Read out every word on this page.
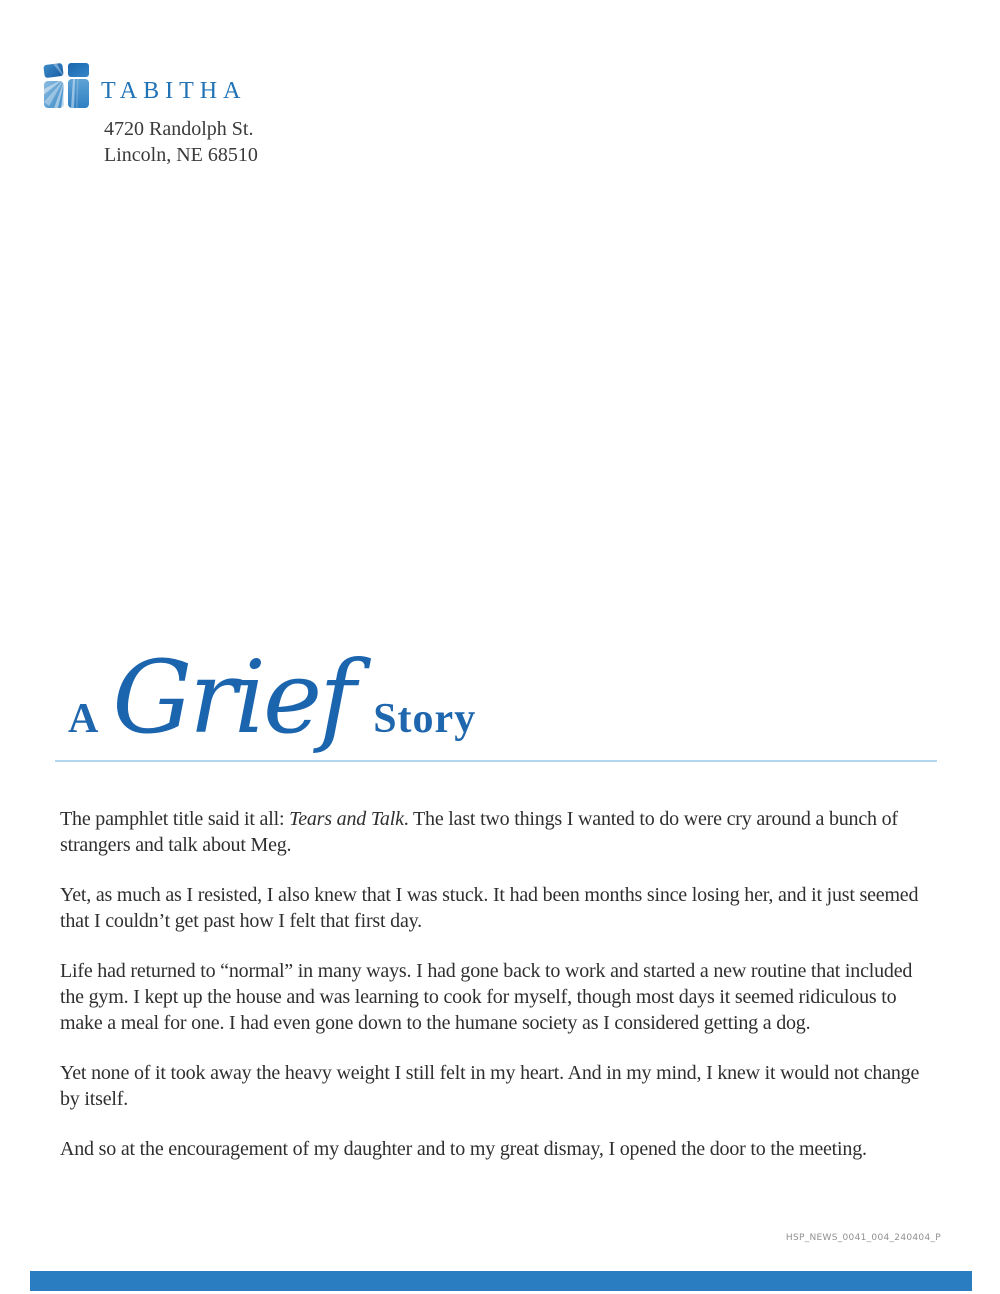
TABITHA
4720 Randolph St.
Lincoln, NE 68510
A Grief Story

The pamphlet title said it all: Tears and Talk. The last two things I wanted to do were cry around a bunch of strangers and talk about Meg.

Yet, as much as I resisted, I also knew that I was stuck. It had been months since losing her, and it just seemed that I couldn’t get past how I felt that first day.

Life had returned to “normal” in many ways. I had gone back to work and started a new routine that included the gym. I kept up the house and was learning to cook for myself, though most days it seemed ridiculous to make a meal for one. I had even gone down to the humane society as I considered getting a dog.

Yet none of it took away the heavy weight I still felt in my heart. And in my mind, I knew it would not change by itself.

And so at the encouragement of my daughter and to my great dismay, I opened the door to the meeting.

HSP_NEWS_0041_004_240404_P
